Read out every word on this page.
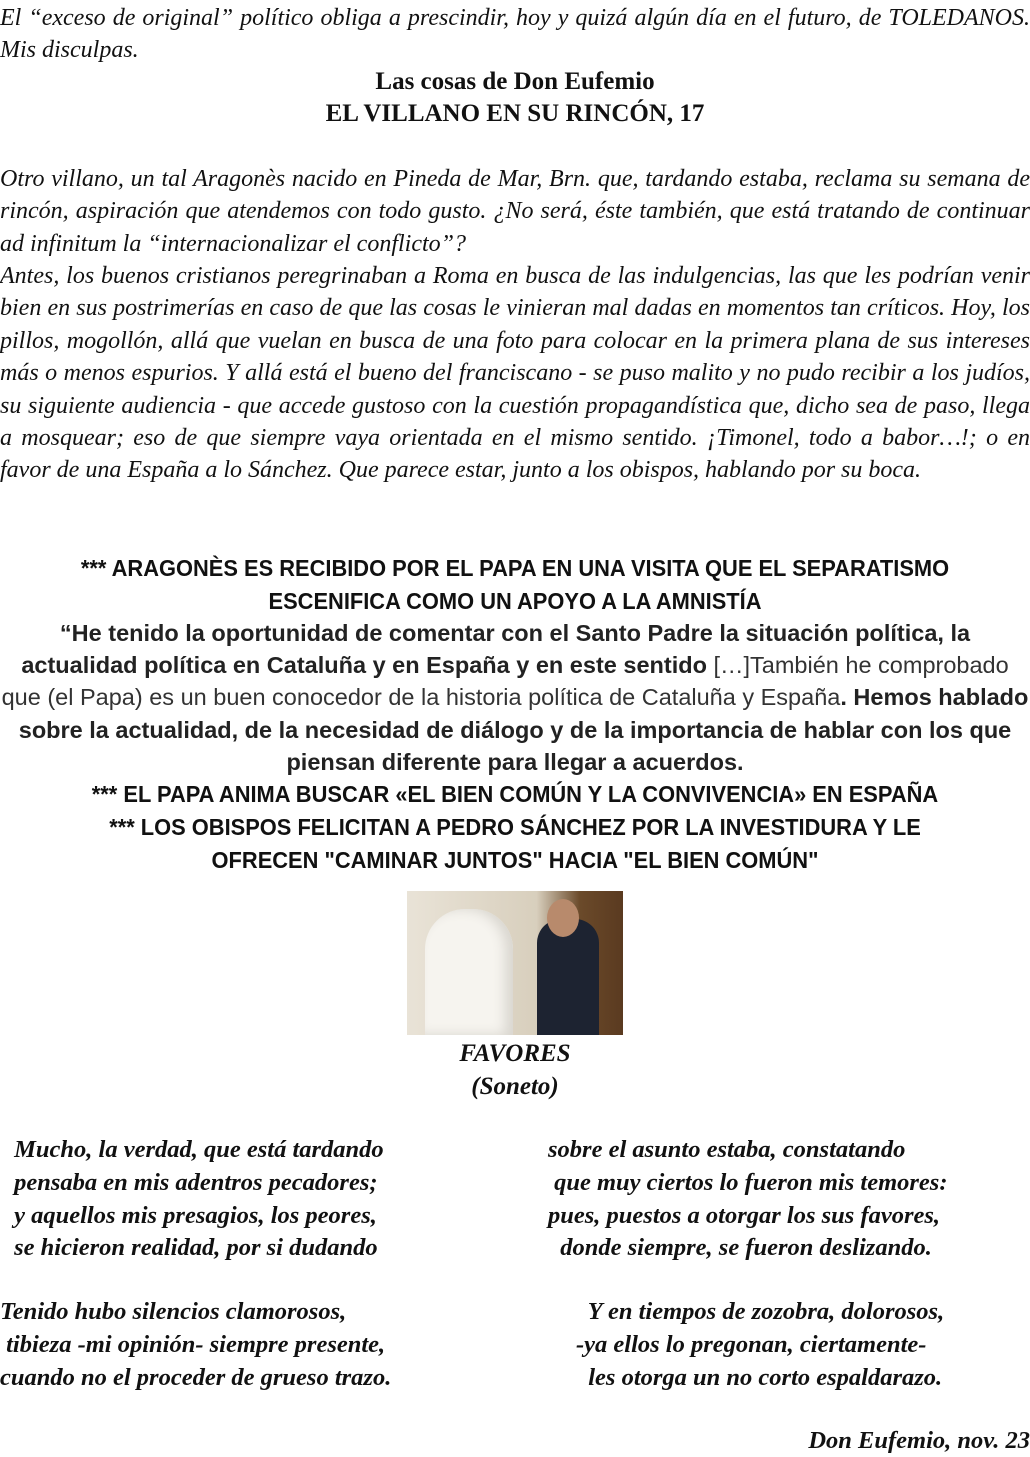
El “exceso de original” político obliga a prescindir, hoy y quizá algún día en el futuro, de TOLEDANOS. Mis disculpas.
Las cosas de Don Eufemio
EL VILLANO EN SU RINCÓN, 17
Otro villano, un tal Aragonès nacido en Pineda de Mar, Brn. que, tardando estaba, reclama su semana de rincón, aspiración que atendemos con todo gusto. ¿No será, éste también, que está tratando de continuar ad infinitum la “internacionalizar el conflicto”?
Antes, los buenos cristianos peregrinaban a Roma en busca de las indulgencias, las que les podrían venir bien en sus postrimerías en caso de que las cosas le vinieran mal dadas en momentos tan críticos. Hoy, los pillos, mogollón, allá que vuelan en busca de una foto para colocar en la primera plana de sus intereses más o menos espurios. Y allá está el bueno del franciscano - se puso malito y no pudo recibir a los judíos, su siguiente audiencia - que accede gustoso con la cuestión propagandística que, dicho sea de paso, llega a mosquear; eso de que siempre vaya orientada en el mismo sentido. ¡Timonel, todo a babor…!; o en favor de una España a lo Sánchez. Que parece estar, junto a los obispos, hablando por su boca.
*** ARAGONÈS ES RECIBIDO POR EL PAPA EN UNA VISITA QUE EL SEPARATISMO ESCENIFICA COMO UN APOYO A LA AMNISTÍA
“He tenido la oportunidad de comentar con el Santo Padre la situación política, la actualidad política en Cataluña y en España y en este sentido […]También he comprobado que (el Papa) es un buen conocedor de la historia política de Cataluña y España. Hemos hablado sobre la actualidad, de la necesidad de diálogo y de la importancia de hablar con los que piensan diferente para llegar a acuerdos.
*** EL PAPA ANIMA BUSCAR «EL BIEN COMÚN Y LA CONVIVENCIA» EN ESPAÑA
*** LOS OBISPOS FELICITAN A PEDRO SÁNCHEZ POR LA INVESTIDURA Y LE OFRECEN "CAMINAR JUNTOS" HACIA "EL BIEN COMÚN"
FAVORES
(Soneto)
Mucho, la verdad, que está tardando
pensaba en mis adentros pecadores;
y aquellos mis presagios, los peores,
se hicieron realidad, por si dudando
sobre el asunto estaba, constatando
que muy ciertos lo fueron mis temores:
pues, puestos a otorgar los sus favores,
donde siempre, se fueron deslizando.
Tenido hubo silencios clamorosos,
tibieza -mi opinión- siempre presente,
cuando no el proceder de grueso trazo.
Y en tiempos de zozobra, dolorosos,
-ya ellos lo pregonan, ciertamente-
les otorga un no corto espaldarazo.
Don Eufemio, nov. 23
